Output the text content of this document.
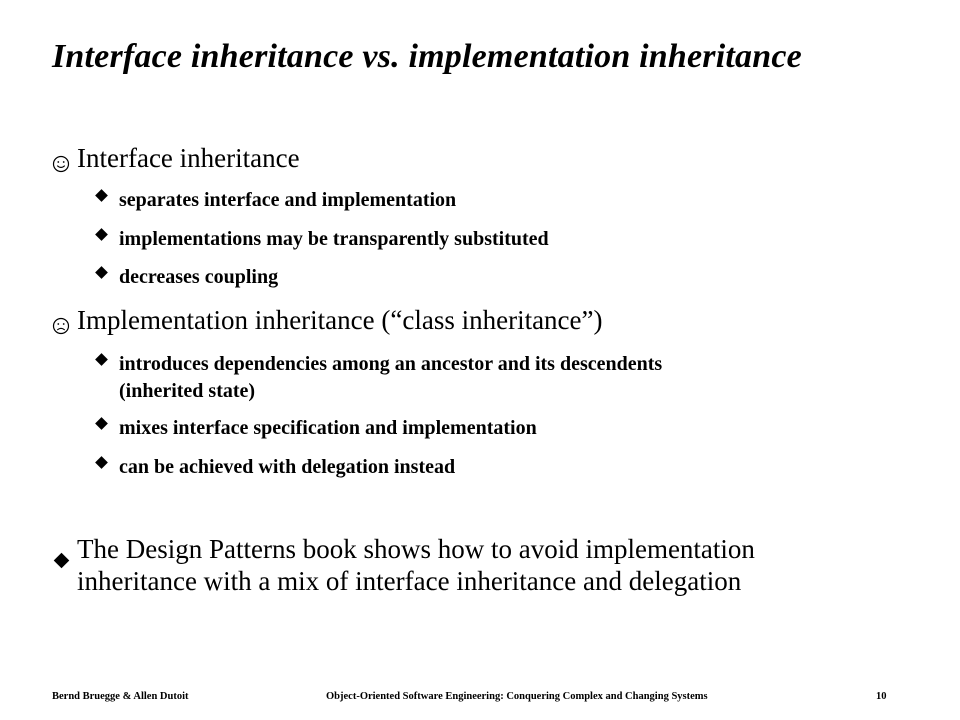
Interface inheritance vs. implementation inheritance
Interface inheritance
separates interface and implementation
implementations may be transparently substituted
decreases coupling
Implementation inheritance (“class inheritance”)
introduces dependencies among an ancestor and its descendents
(inherited state)
mixes interface specification and implementation
can be achieved with delegation instead
The Design Patterns book shows how to avoid implementation
inheritance with a mix of interface inheritance and delegation
Bernd Bruegge & Allen Dutoit	Object-Oriented Software Engineering: Conquering Complex and Changing Systems	10
